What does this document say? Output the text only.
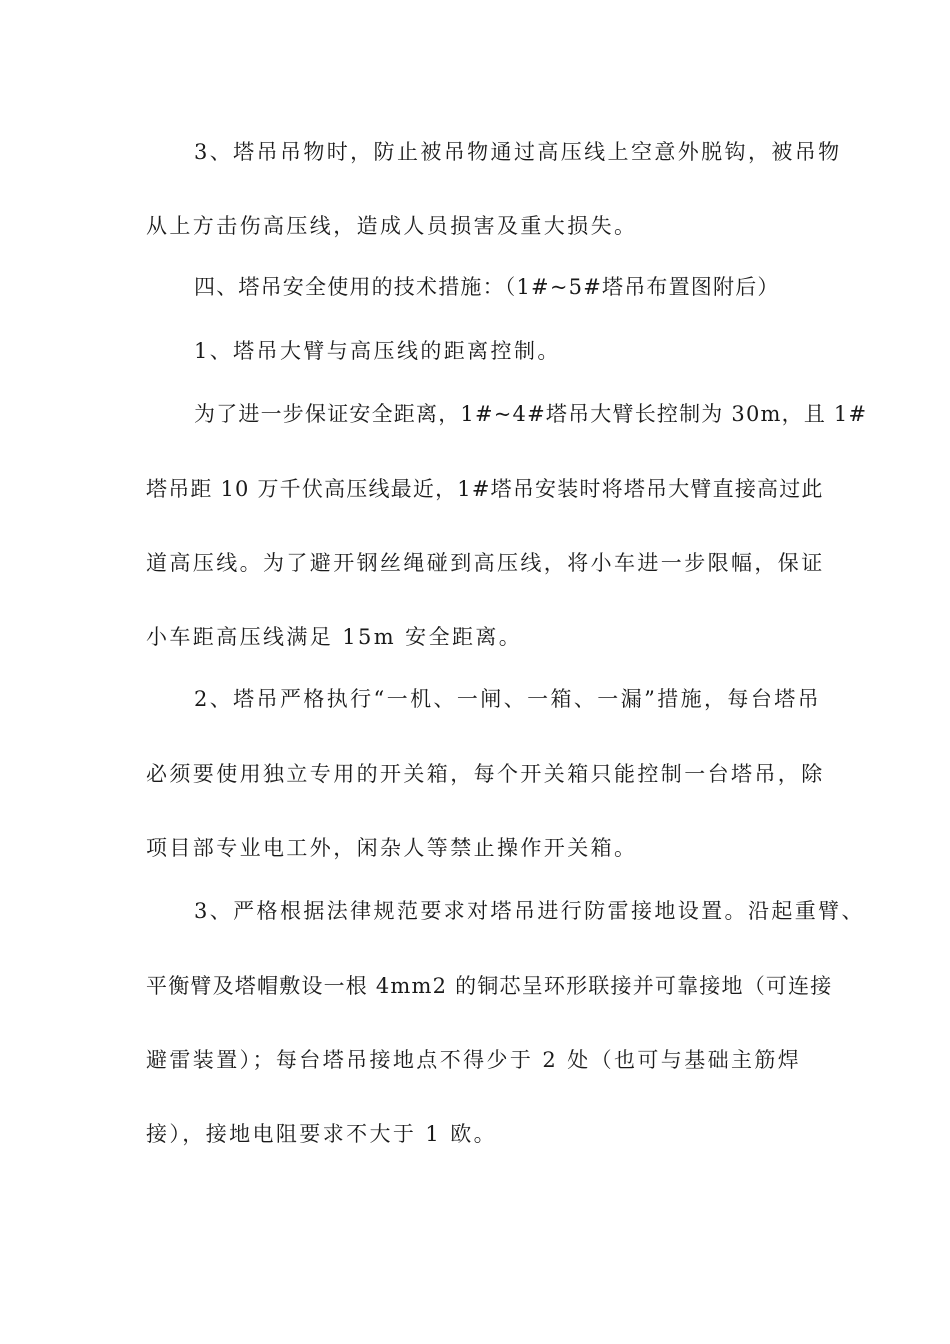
3、塔吊吊物时，防止被吊物通过高压线上空意外脱钩，被吊物
从上方击伤高压线，造成人员损害及重大损失。
四、塔吊安全使用的技术措施：（1#~5#塔吊布置图附后）
1、塔吊大臂与高压线的距离控制。
为了进一步保证安全距离，1#~4#塔吊大臂长控制为 30m，且 1#
塔吊距 10 万千伏高压线最近，1#塔吊安装时将塔吊大臂直接高过此
道高压线。为了避开钢丝绳碰到高压线，将小车进一步限幅，保证
小车距高压线满足 15m 安全距离。
2、塔吊严格执行“一机、一闸、一箱、一漏”措施，每台塔吊
必须要使用独立专用的开关箱，每个开关箱只能控制一台塔吊，除
项目部专业电工外，闲杂人等禁止操作开关箱。
3、严格根据法律规范要求对塔吊进行防雷接地设置。沿起重臂、
平衡臂及塔帽敷设一根 4mm2 的铜芯呈环形联接并可靠接地（可连接
避雷装置）；每台塔吊接地点不得少于 2 处（也可与基础主筋焊
接），接地电阻要求不大于 1 欧。
